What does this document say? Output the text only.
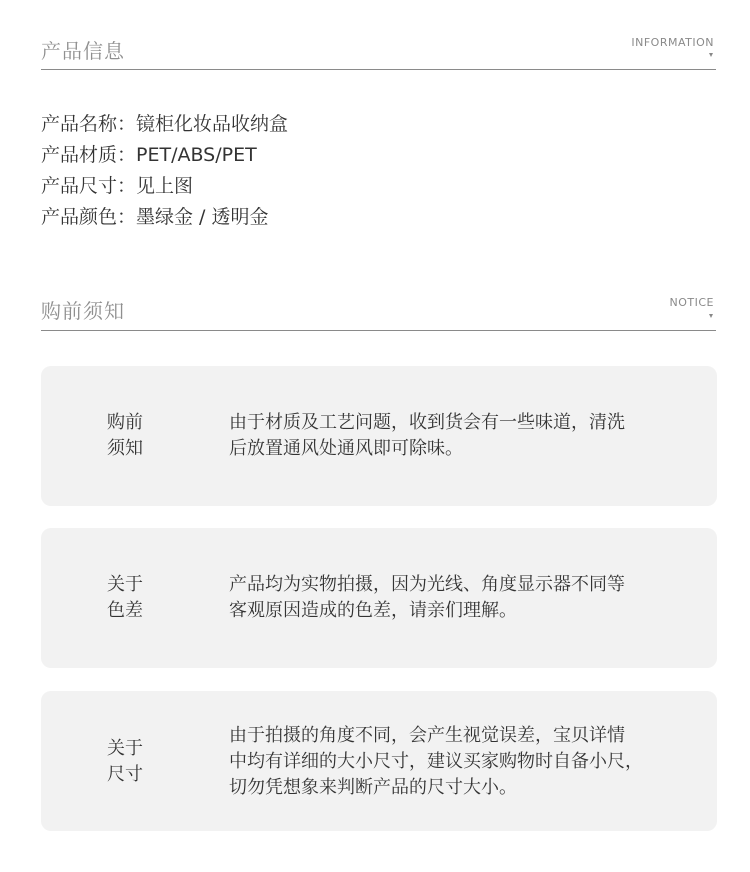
产品信息	INFORMATION
产品名称：镜柜化妆品收纳盒
产品材质：PET/ABS/PET
产品尺寸：见上图
产品颜色：墨绿金 / 透明金
购前须知	NOTICE
购前
须知
由于材质及工艺问题，收到货会有一些味道，清洗
后放置通风处通风即可除味。
关于
色差
产品均为实物拍摄，因为光线、角度显示器不同等
客观原因造成的色差，请亲们理解。
关于
尺寸
由于拍摄的角度不同，会产生视觉误差，宝贝详情
中均有详细的大小尺寸，建议买家购物时自备小尺，
切勿凭想象来判断产品的尺寸大小。
